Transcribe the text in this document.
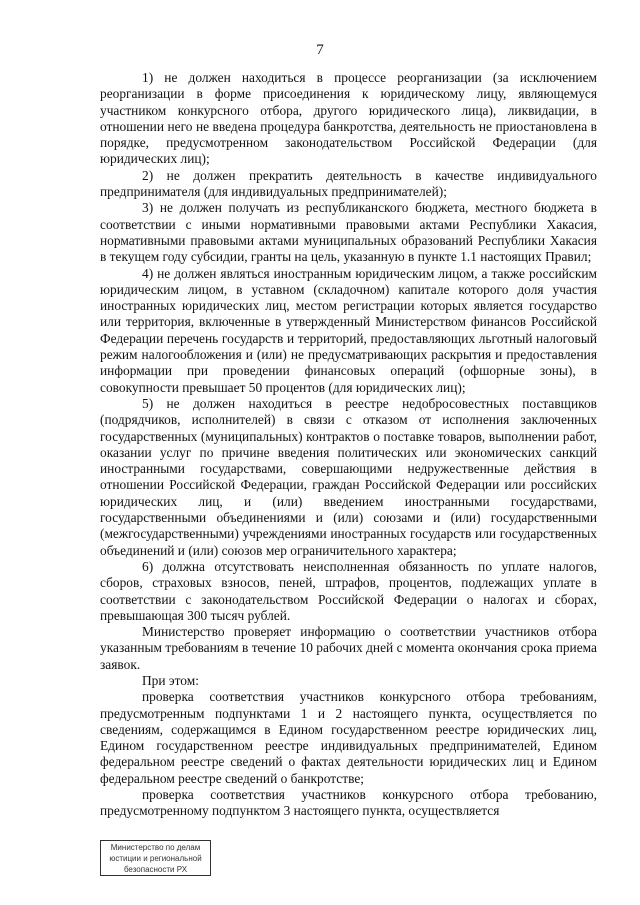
7

1) не должен находиться в процессе реорганизации (за исключением реорганизации в форме присоединения к юридическому лицу, являющемуся участником конкурсного отбора, другого юридического лица), ликвидации, в отношении него не введена процедура банкротства, деятельность не приостановлена в порядке, предусмотренном законодательством Российской Федерации (для юридических лиц);

2) не должен прекратить деятельность в качестве индивидуального предпринимателя (для индивидуальных предпринимателей);

3) не должен получать из республиканского бюджета, местного бюджета в соответствии с иными нормативными правовыми актами Республики Хакасия, нормативными правовыми актами муниципальных образований Республики Хакасия в текущем году субсидии, гранты на цель, указанную в пункте 1.1 настоящих Правил;

4) не должен являться иностранным юридическим лицом, а также российским юридическим лицом, в уставном (складочном) капитале которого доля участия иностранных юридических лиц, местом регистрации которых является государство или территория, включенные в утвержденный Министерством финансов Российской Федерации перечень государств и территорий, предоставляющих льготный налоговый режим налогообложения и (или) не предусматривающих раскрытия и предоставления информации при проведении финансовых операций (офшорные зоны), в совокупности превышает 50 процентов (для юридических лиц);

5) не должен находиться в реестре недобросовестных поставщиков (подрядчиков, исполнителей) в связи с отказом от исполнения заключенных государственных (муниципальных) контрактов о поставке товаров, выполнении работ, оказании услуг по причине введения политических или экономических санкций иностранными государствами, совершающими недружественные действия в отношении Российской Федерации, граждан Российской Федерации или российских юридических лиц, и (или) введением иностранными государствами, государственными объединениями и (или) союзами и (или) государственными (межгосударственными) учреждениями иностранных государств или государственных объединений и (или) союзов мер ограничительного характера;

6) должна отсутствовать неисполненная обязанность по уплате налогов, сборов, страховых взносов, пеней, штрафов, процентов, подлежащих уплате в соответствии с законодательством Российской Федерации о налогах и сборах, превышающая 300 тысяч рублей.

Министерство проверяет информацию о соответствии участников отбора указанным требованиям в течение 10 рабочих дней с момента окончания срока приема заявок.

При этом:

проверка соответствия участников конкурсного отбора требованиям, предусмотренным подпунктами 1 и 2 настоящего пункта, осуществляется по сведениям, содержащимся в Едином государственном реестре юридических лиц, Едином государственном реестре индивидуальных предпринимателей, Едином федеральном реестре сведений о фактах деятельности юридических лиц и Едином федеральном реестре сведений о банкротстве;

проверка соответствия участников конкурсного отбора требованию, предусмотренному подпунктом 3 настоящего пункта, осуществляется

Министерство по делам
юстиции и региональной
безопасности РХ
